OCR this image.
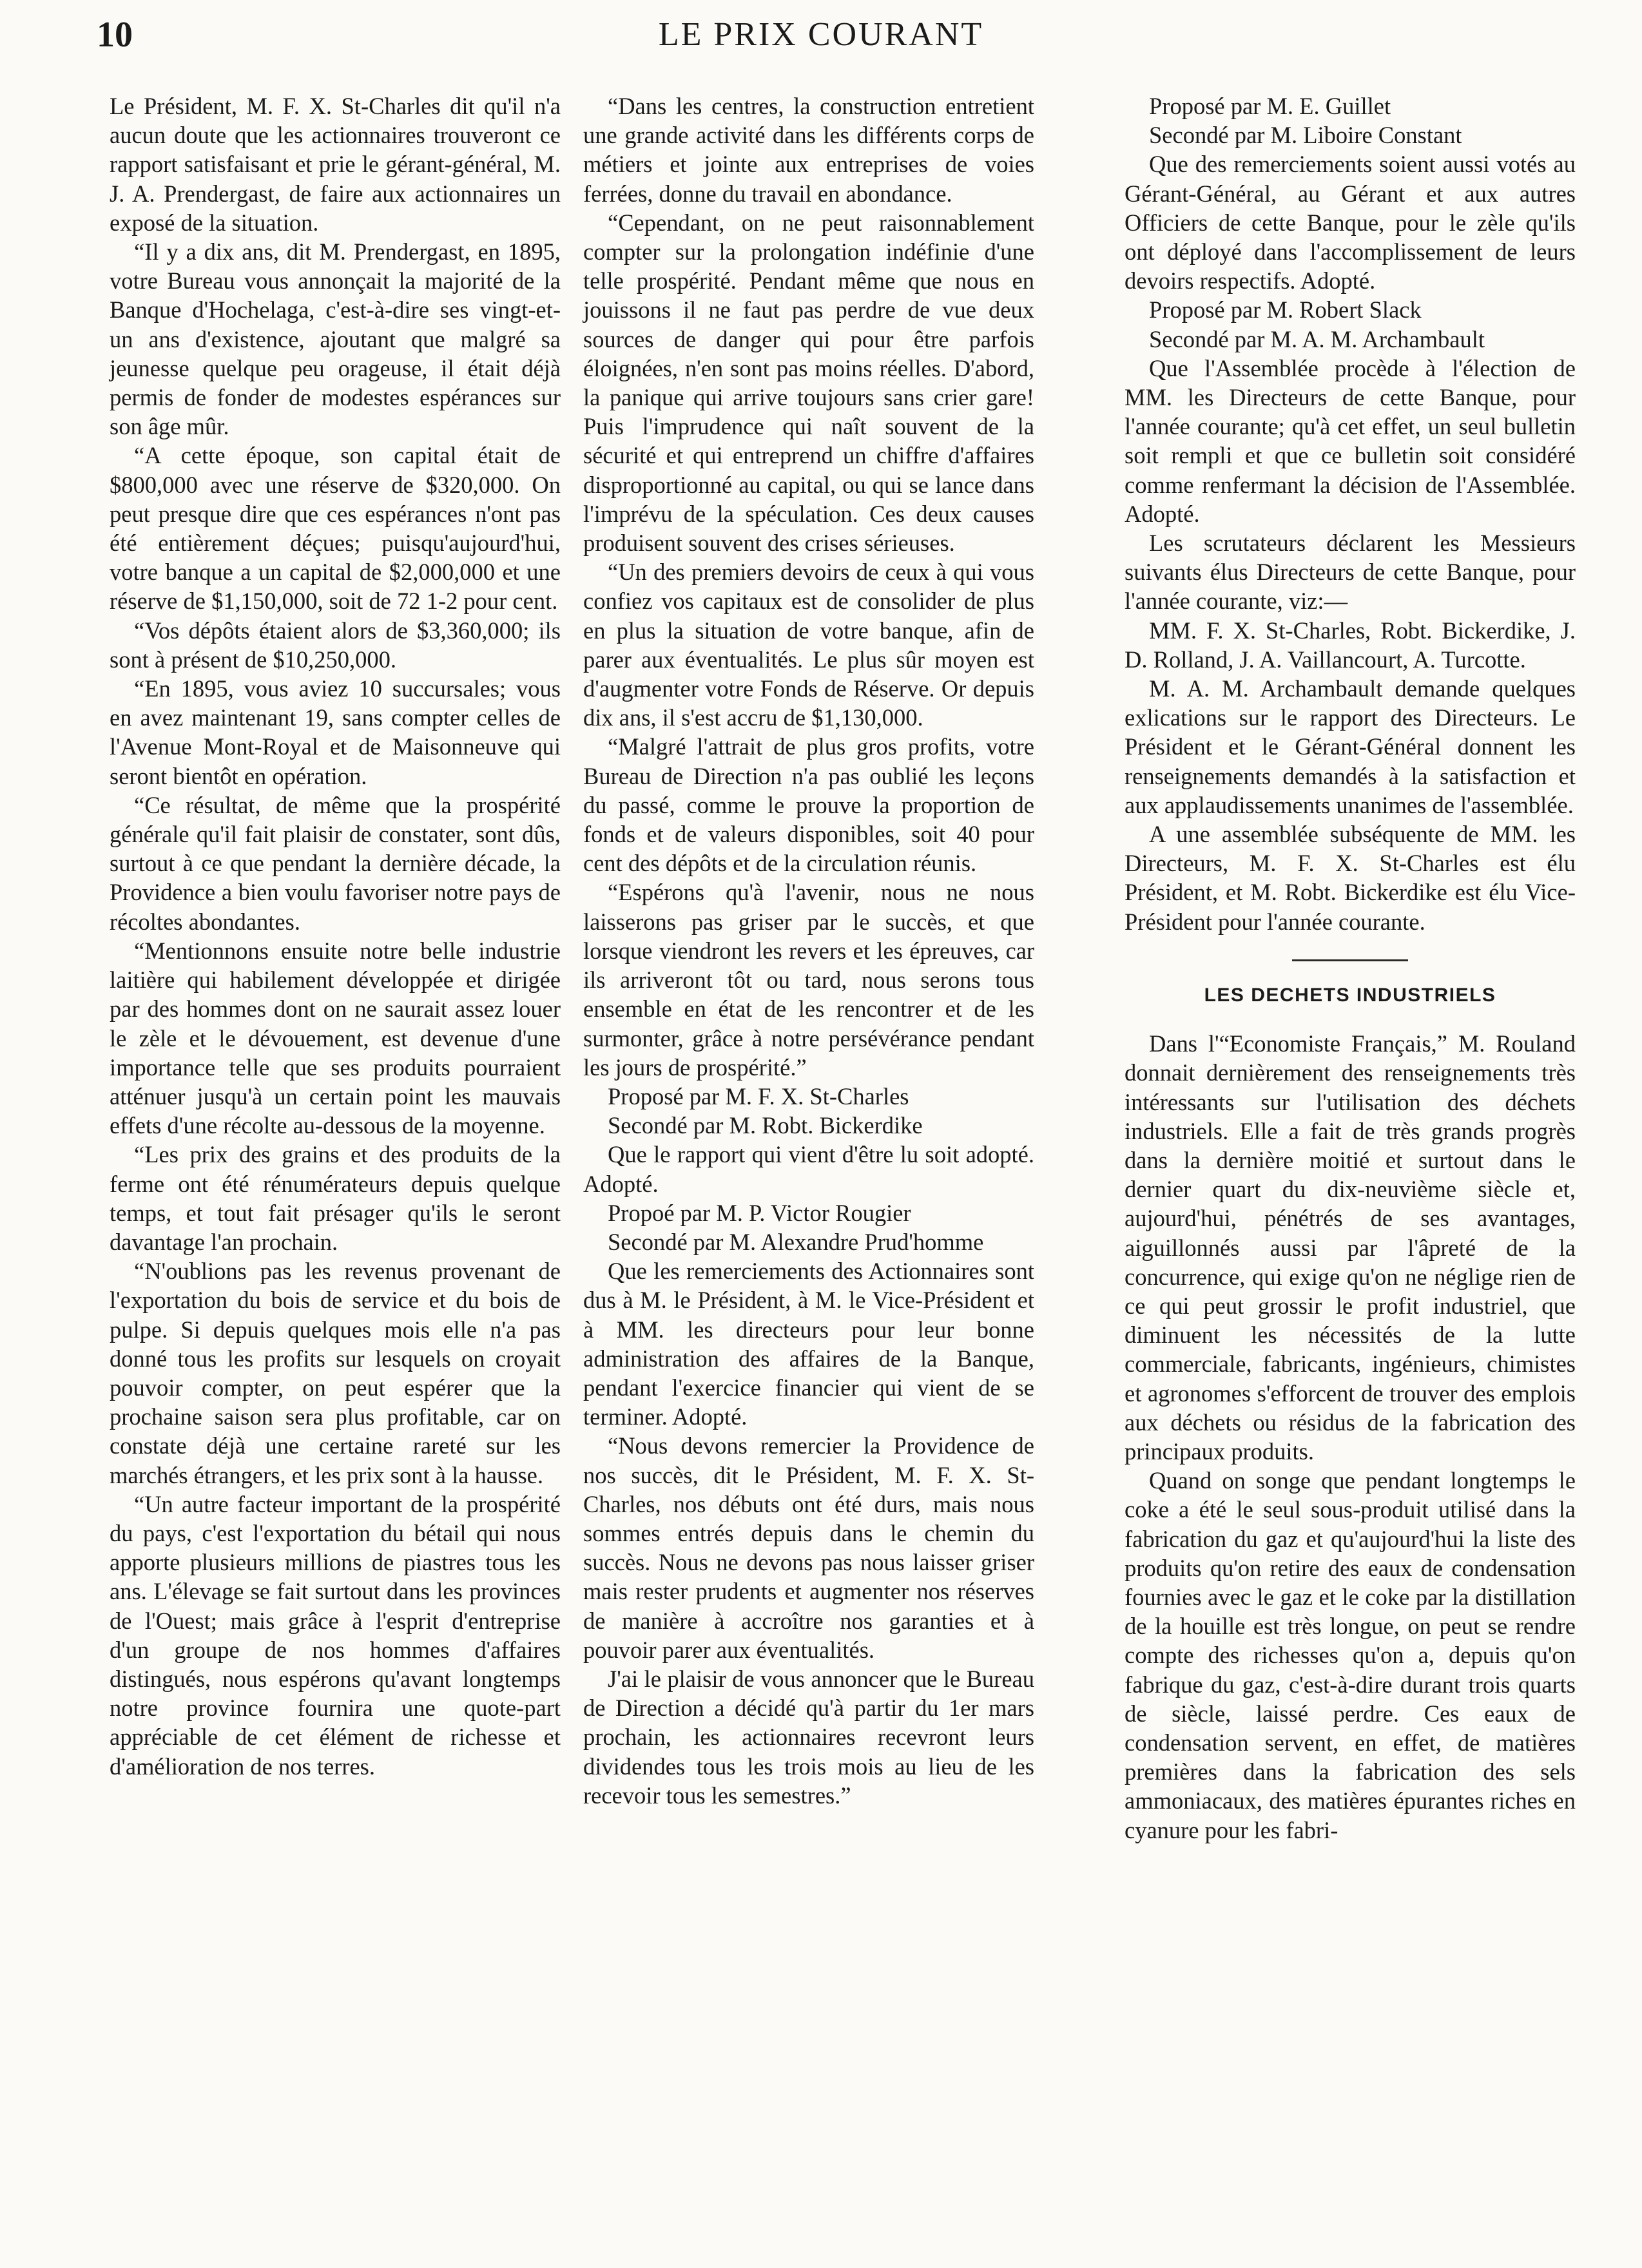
10	LE PRIX COURANT

Le Président, M. F. X. St-Charles dit qu'il n'a aucun doute que les actionnaires trouveront ce rapport satisfaisant et prie le gérant-général, M. J. A. Prendergast, de faire aux actionnaires un exposé de la situation.

“Il y a dix ans, dit M. Prendergast, en 1895, votre Bureau vous annonçait la majorité de la Banque d'Hochelaga, c'est-à-dire ses vingt-et-un ans d'existence, ajoutant que malgré sa jeunesse quelque peu orageuse, il était déjà permis de fonder de modestes espérances sur son âge mûr.

“A cette époque, son capital était de $800,000 avec une réserve de $320,000. On peut presque dire que ces espérances n'ont pas été entièrement déçues; puisqu'aujourd'hui, votre banque a un capital de $2,000,000 et une réserve de $1,150,000, soit de 72 1-2 pour cent.

“Vos dépôts étaient alors de $3,360,000; ils sont à présent de $10,250,000.

“En 1895, vous aviez 10 succursales; vous en avez maintenant 19, sans compter celles de l'Avenue Mont-Royal et de Maisonneuve qui seront bientôt en opération.

“Ce résultat, de même que la prospérité générale qu'il fait plaisir de constater, sont dûs, surtout à ce que pendant la dernière décade, la Providence a bien voulu favoriser notre pays de récoltes abondantes.

“Mentionnons ensuite notre belle industrie laitière qui habilement développée et dirigée par des hommes dont on ne saurait assez louer le zèle et le dévouement, est devenue d'une importance telle que ses produits pourraient atténuer jusqu'à un certain point les mauvais effets d'une récolte au-dessous de la moyenne.

“Les prix des grains et des produits de la ferme ont été rénumérateurs depuis quelque temps, et tout fait présager qu'ils le seront davantage l'an prochain.

“N'oublions pas les revenus provenant de l'exportation du bois de service et du bois de pulpe. Si depuis quelques mois elle n'a pas donné tous les profits sur lesquels on croyait pouvoir compter, on peut espérer que la prochaine saison sera plus profitable, car on constate déjà une certaine rareté sur les marchés étrangers, et les prix sont à la hausse.

“Un autre facteur important de la prospérité du pays, c'est l'exportation du bétail qui nous apporte plusieurs millions de piastres tous les ans. L'élevage se fait surtout dans les provinces de l'Ouest; mais grâce à l'esprit d'entreprise d'un groupe de nos hommes d'affaires distingués, nous espérons qu'avant longtemps notre province fournira une quote-part appréciable de cet élément de richesse et d'amélioration de nos terres.

“Dans les centres, la construction entretient une grande activité dans les différents corps de métiers et jointe aux entreprises de voies ferrées, donne du travail en abondance.

“Cependant, on ne peut raisonnablement compter sur la prolongation indéfinie d'une telle prospérité. Pendant même que nous en jouissons il ne faut pas perdre de vue deux sources de danger qui pour être parfois éloignées, n'en sont pas moins réelles. D'abord, la panique qui arrive toujours sans crier gare! Puis l'imprudence qui naît souvent de la sécurité et qui entreprend un chiffre d'affaires disproportionné au capital, ou qui se lance dans l'imprévu de la spéculation. Ces deux causes produisent souvent des crises sérieuses.

“Un des premiers devoirs de ceux à qui vous confiez vos capitaux est de consolider de plus en plus la situation de votre banque, afin de parer aux éventualités. Le plus sûr moyen est d'augmenter votre Fonds de Réserve. Or depuis dix ans, il s'est accru de $1,130,000.

“Malgré l'attrait de plus gros profits, votre Bureau de Direction n'a pas oublié les leçons du passé, comme le prouve la proportion de fonds et de valeurs disponibles, soit 40 pour cent des dépôts et de la circulation réunis.

“Espérons qu'à l'avenir, nous ne nous laisserons pas griser par le succès, et que lorsque viendront les revers et les épreuves, car ils arriveront tôt ou tard, nous serons tous ensemble en état de les rencontrer et de les surmonter, grâce à notre persévérance pendant les jours de prospérité.”

Proposé par M. F. X. St-Charles

Secondé par M. Robt. Bickerdike

Que le rapport qui vient d'être lu soit adopté. Adopté.

Propoé par M. P. Victor Rougier

Secondé par M. Alexandre Prud'homme

Que les remerciements des Actionnaires sont dus à M. le Président, à M. le Vice-Président et à MM. les directeurs pour leur bonne administration des affaires de la Banque, pendant l'exercice financier qui vient de se terminer. Adopté.

“Nous devons remercier la Providence de nos succès, dit le Président, M. F. X. St-Charles, nos débuts ont été durs, mais nous sommes entrés depuis dans le chemin du succès. Nous ne devons pas nous laisser griser mais rester prudents et augmenter nos réserves de manière à accroître nos garanties et à pouvoir parer aux éventualités.

J'ai le plaisir de vous annoncer que le Bureau de Direction a décidé qu'à partir du 1er mars prochain, les actionnaires recevront leurs dividendes tous les trois mois au lieu de les recevoir tous les semestres.”

Proposé par M. E. Guillet

Secondé par M. Liboire Constant

Que des remerciements soient aussi votés au Gérant-Général, au Gérant et aux autres Officiers de cette Banque, pour le zèle qu'ils ont déployé dans l'accomplissement de leurs devoirs respectifs. Adopté.

Proposé par M. Robert Slack

Secondé par M. A. M. Archambault

Que l'Assemblée procède à l'élection de MM. les Directeurs de cette Banque, pour l'année courante; qu'à cet effet, un seul bulletin soit rempli et que ce bulletin soit considéré comme renfermant la décision de l'Assemblée. Adopté.

Les scrutateurs déclarent les Messieurs suivants élus Directeurs de cette Banque, pour l'année courante, viz:—

MM. F. X. St-Charles, Robt. Bickerdike, J. D. Rolland, J. A. Vaillancourt, A. Turcotte.

M. A. M. Archambault demande quelques exlications sur le rapport des Directeurs. Le Président et le Gérant-Général donnent les renseignements demandés à la satisfaction et aux applaudissements unanimes de l'assemblée.

A une assemblée subséquente de MM. les Directeurs, M. F. X. St-Charles est élu Président, et M. Robt. Bickerdike est élu Vice-Président pour l'année courante.

LES DECHETS INDUSTRIELS

Dans l'“Economiste Français,” M. Rouland donnait dernièrement des renseignements très intéressants sur l'utilisation des déchets industriels. Elle a fait de très grands progrès dans la dernière moitié et surtout dans le dernier quart du dix-neuvième siècle et, aujourd'hui, pénétrés de ses avantages, aiguillonnés aussi par l'âpreté de la concurrence, qui exige qu'on ne néglige rien de ce qui peut grossir le profit industriel, que diminuent les nécessités de la lutte commerciale, fabricants, ingénieurs, chimistes et agronomes s'efforcent de trouver des emplois aux déchets ou résidus de la fabrication des principaux produits.

Quand on songe que pendant longtemps le coke a été le seul sous-produit utilisé dans la fabrication du gaz et qu'aujourd'hui la liste des produits qu'on retire des eaux de condensation fournies avec le gaz et le coke par la distillation de la houille est très longue, on peut se rendre compte des richesses qu'on a, depuis qu'on fabrique du gaz, c'est-à-dire durant trois quarts de siècle, laissé perdre. Ces eaux de condensation servent, en effet, de matières premières dans la fabrication des sels ammoniacaux, des matières épurantes riches en cyanure pour les fabri-
